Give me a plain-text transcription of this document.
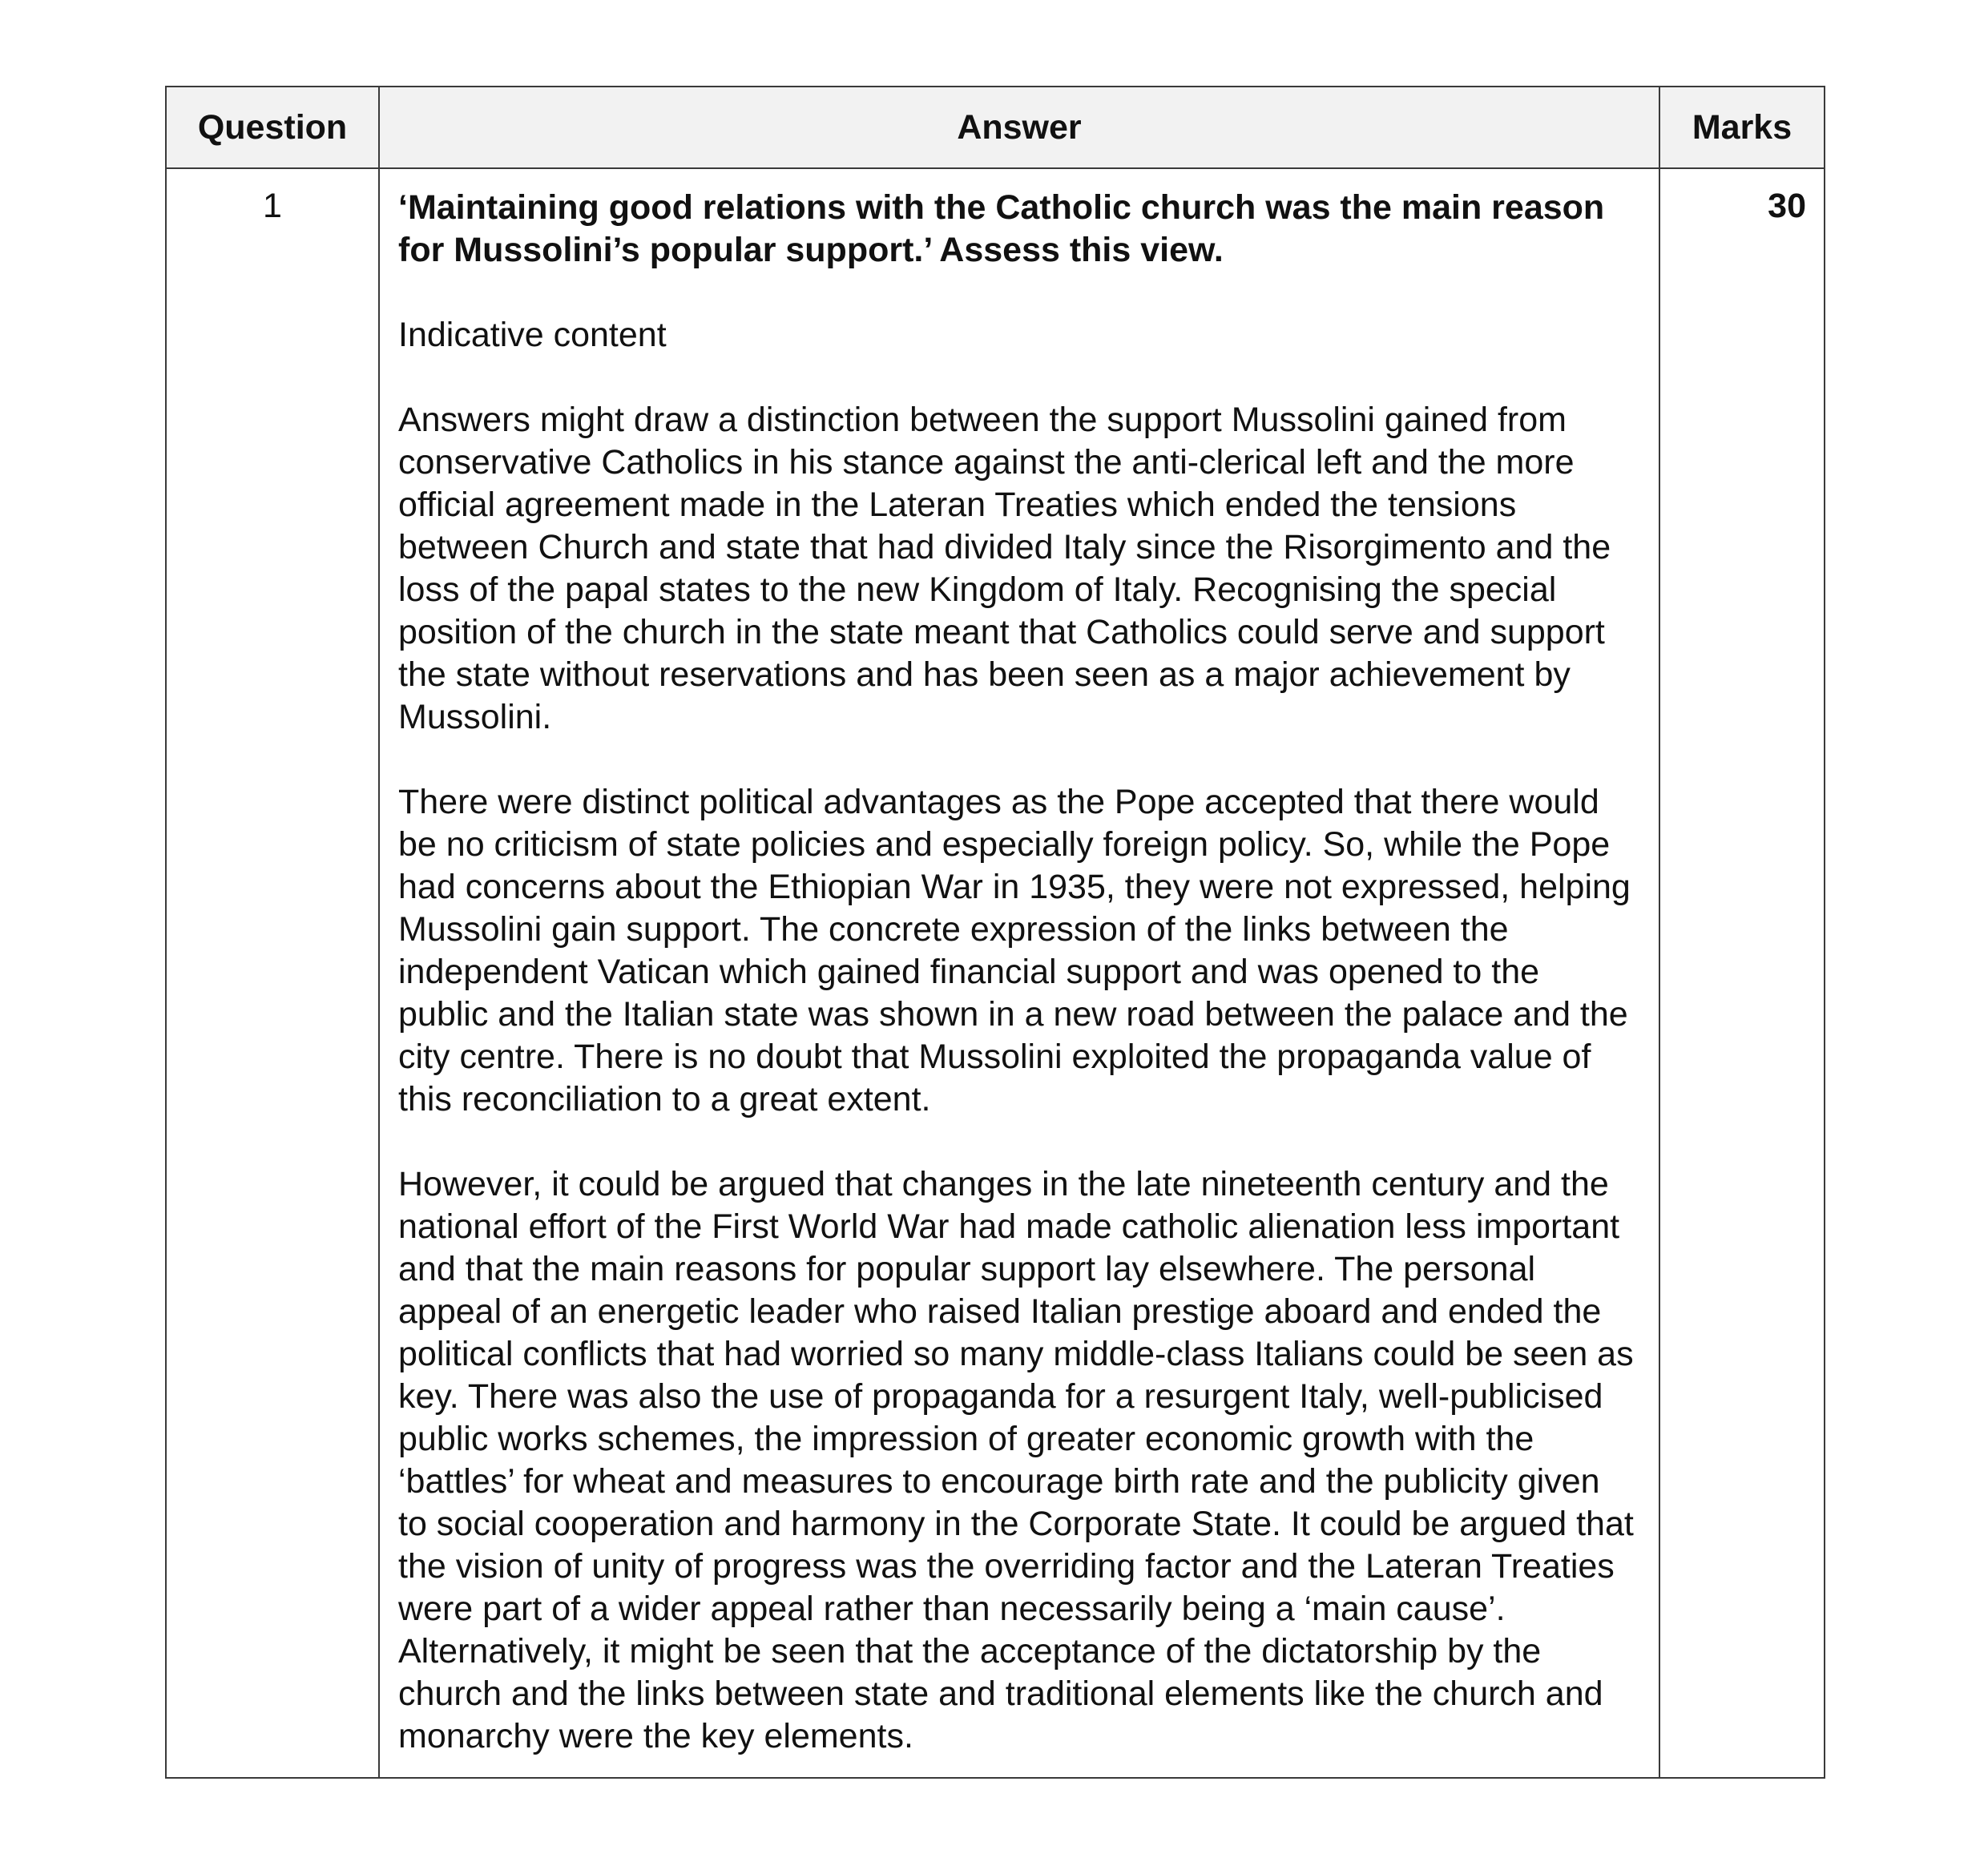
Question	Answer	Marks
1	‘Maintaining good relations with the Catholic church was the main reason for Mussolini’s popular support.’ Assess this view.
Indicative content
Answers might draw a distinction between the support Mussolini gained from conservative Catholics in his stance against the anti-clerical left and the more official agreement made in the Lateran Treaties which ended the tensions between Church and state that had divided Italy since the Risorgimento and the loss of the papal states to the new Kingdom of Italy. Recognising the special position of the church in the state meant that Catholics could serve and support the state without reservations and has been seen as a major achievement by Mussolini.
There were distinct political advantages as the Pope accepted that there would be no criticism of state policies and especially foreign policy. So, while the Pope had concerns about the Ethiopian War in 1935, they were not expressed, helping Mussolini gain support. The concrete expression of the links between the independent Vatican which gained financial support and was opened to the public and the Italian state was shown in a new road between the palace and the city centre. There is no doubt that Mussolini exploited the propaganda value of this reconciliation to a great extent.
However, it could be argued that changes in the late nineteenth century and the national effort of the First World War had made catholic alienation less important and that the main reasons for popular support lay elsewhere. The personal appeal of an energetic leader who raised Italian prestige aboard and ended the political conflicts that had worried so many middle-class Italians could be seen as key. There was also the use of propaganda for a resurgent Italy, well-publicised public works schemes, the impression of greater economic growth with the ‘battles’ for wheat and measures to encourage birth rate and the publicity given to social cooperation and harmony in the Corporate State. It could be argued that the vision of unity of progress was the overriding factor and the Lateran Treaties were part of a wider appeal rather than necessarily being a ‘main cause’. Alternatively, it might be seen that the acceptance of the dictatorship by the church and the links between state and traditional elements like the church and monarchy were the key elements.	30
